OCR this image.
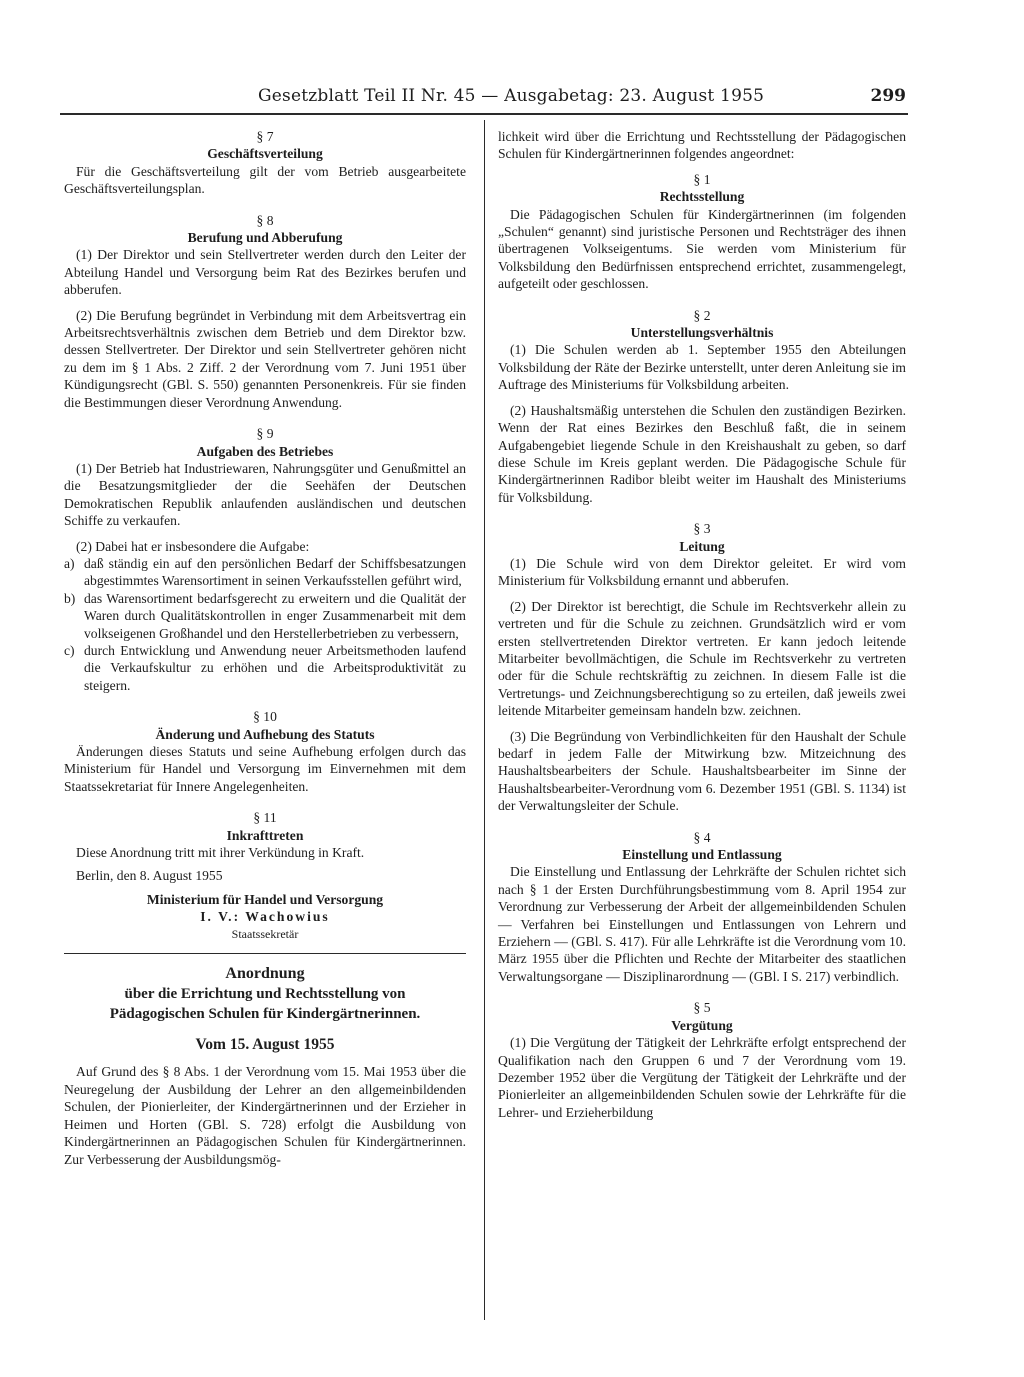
Gesetzblatt Teil II Nr. 45 — Ausgabetag: 23. August 1955	299

§ 7

Geschäftsverteilung

Für die Geschäftsverteilung gilt der vom Betrieb ausgearbeitete Geschäftsverteilungsplan.

§ 8

Berufung und Abberufung

(1) Der Direktor und sein Stellvertreter werden durch den Leiter der Abteilung Handel und Versorgung beim Rat des Bezirkes berufen und abberufen.

(2) Die Berufung begründet in Verbindung mit dem Arbeitsvertrag ein Arbeitsrechtsverhältnis zwischen dem Betrieb und dem Direktor bzw. dessen Stellvertreter. Der Direktor und sein Stellvertreter gehören nicht zu dem im § 1 Abs. 2 Ziff. 2 der Verordnung vom 7. Juni 1951 über Kündigungsrecht (GBl. S. 550) genannten Personenkreis. Für sie finden die Bestimmungen dieser Verordnung Anwendung.

§ 9

Aufgaben des Betriebes

(1) Der Betrieb hat Industriewaren, Nahrungsgüter und Genußmittel an die Besatzungsmitglieder der die Seehäfen der Deutschen Demokratischen Republik anlaufenden ausländischen und deutschen Schiffe zu verkaufen.

(2) Dabei hat er insbesondere die Aufgabe:

a) daß ständig ein auf den persönlichen Bedarf der Schiffsbesatzungen abgestimmtes Warensortiment in seinen Verkaufsstellen geführt wird,
b) das Warensortiment bedarfsgerecht zu erweitern und die Qualität der Waren durch Qualitätskontrollen in enger Zusammenarbeit mit dem volkseigenen Großhandel und den Herstellerbetrieben zu verbessern,
c) durch Entwicklung und Anwendung neuer Arbeitsmethoden laufend die Verkaufskultur zu erhöhen und die Arbeitsproduktivität zu steigern.

§ 10

Änderung und Aufhebung des Statuts

Änderungen dieses Statuts und seine Aufhebung erfolgen durch das Ministerium für Handel und Versorgung im Einvernehmen mit dem Staatssekretariat für Innere Angelegenheiten.

§ 11

Inkrafttreten

Diese Anordnung tritt mit ihrer Verkündung in Kraft.

Berlin, den 8. August 1955

Ministerium für Handel und Versorgung

I. V.: Wachowius

Staatssekretär

Anordnung

über die Errichtung und Rechtsstellung von

Pädagogischen Schulen für Kindergärtnerinnen.

Vom 15. August 1955

Auf Grund des § 8 Abs. 1 der Verordnung vom 15. Mai 1953 über die Neuregelung der Ausbildung der Lehrer an den allgemeinbildenden Schulen, der Pionierleiter, der Kindergärtnerinnen und der Erzieher in Heimen und Horten (GBl. S. 728) erfolgt die Ausbildung von Kindergärtnerinnen an Pädagogischen Schulen für Kindergärtnerinnen. Zur Verbesserung der Ausbildungsmög-

lichkeit wird über die Errichtung und Rechtsstellung der Pädagogischen Schulen für Kindergärtnerinnen folgendes angeordnet:

§ 1

Rechtsstellung

Die Pädagogischen Schulen für Kindergärtnerinnen (im folgenden „Schulen“ genannt) sind juristische Personen und Rechtsträger des ihnen übertragenen Volkseigentums. Sie werden vom Ministerium für Volksbildung den Bedürfnissen entsprechend errichtet, zusammengelegt, aufgeteilt oder geschlossen.

§ 2

Unterstellungsverhältnis

(1) Die Schulen werden ab 1. September 1955 den Abteilungen Volksbildung der Räte der Bezirke unterstellt, unter deren Anleitung sie im Auftrage des Ministeriums für Volksbildung arbeiten.

(2) Haushaltsmäßig unterstehen die Schulen den zuständigen Bezirken. Wenn der Rat eines Bezirkes den Beschluß faßt, die in seinem Aufgabengebiet liegende Schule in den Kreishaushalt zu geben, so darf diese Schule im Kreis geplant werden. Die Pädagogische Schule für Kindergärtnerinnen Radibor bleibt weiter im Haushalt des Ministeriums für Volksbildung.

§ 3

Leitung

(1) Die Schule wird von dem Direktor geleitet. Er wird vom Ministerium für Volksbildung ernannt und abberufen.

(2) Der Direktor ist berechtigt, die Schule im Rechtsverkehr allein zu vertreten und für die Schule zu zeichnen. Grundsätzlich wird er vom ersten stellvertretenden Direktor vertreten. Er kann jedoch leitende Mitarbeiter bevollmächtigen, die Schule im Rechtsverkehr zu vertreten oder für die Schule rechtskräftig zu zeichnen. In diesem Falle ist die Vertretungs- und Zeichnungsberechtigung so zu erteilen, daß jeweils zwei leitende Mitarbeiter gemeinsam handeln bzw. zeichnen.

(3) Die Begründung von Verbindlichkeiten für den Haushalt der Schule bedarf in jedem Falle der Mitwirkung bzw. Mitzeichnung des Haushaltsbearbeiters der Schule. Haushaltsbearbeiter im Sinne der Haushaltsbearbeiter-Verordnung vom 6. Dezember 1951 (GBl. S. 1134) ist der Verwaltungsleiter der Schule.

§ 4

Einstellung und Entlassung

Die Einstellung und Entlassung der Lehrkräfte der Schulen richtet sich nach § 1 der Ersten Durchführungsbestimmung vom 8. April 1954 zur Verordnung zur Verbesserung der Arbeit der allgemeinbildenden Schulen — Verfahren bei Einstellungen und Entlassungen von Lehrern und Erziehern — (GBl. S. 417). Für alle Lehrkräfte ist die Verordnung vom 10. März 1955 über die Pflichten und Rechte der Mitarbeiter des staatlichen Verwaltungsorgane — Disziplinarordnung — (GBl. I S. 217) verbindlich.

§ 5

Vergütung

(1) Die Vergütung der Tätigkeit der Lehrkräfte erfolgt entsprechend der Qualifikation nach den Gruppen 6 und 7 der Verordnung vom 19. Dezember 1952 über die Vergütung der Tätigkeit der Lehrkräfte und der Pionierleiter an allgemeinbildenden Schulen sowie der Lehrkräfte für die Lehrer- und Erzieherbildung
